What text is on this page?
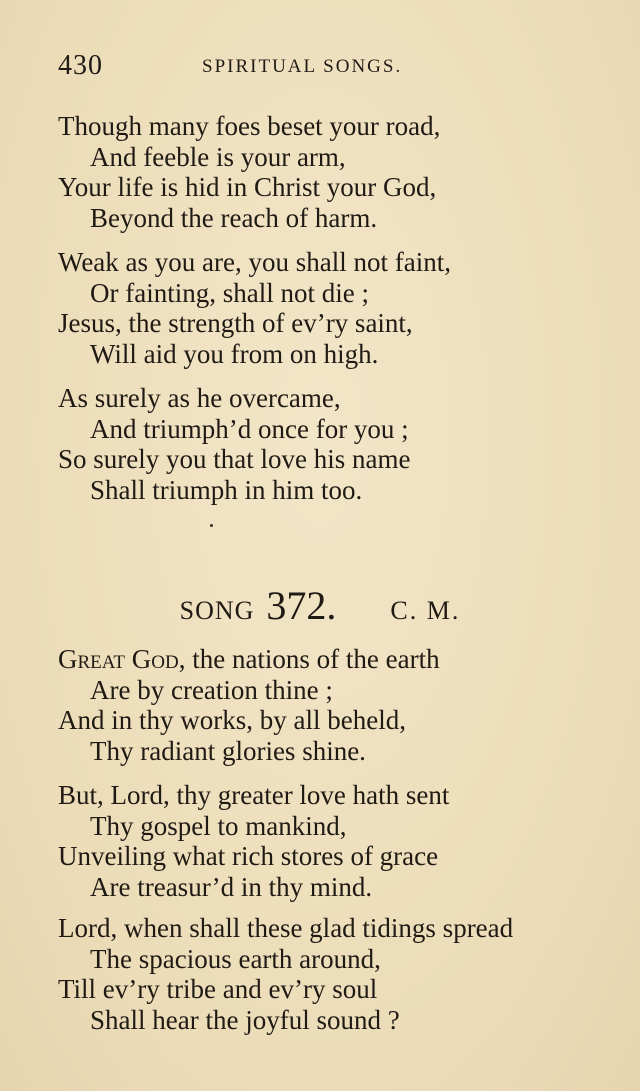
430	SPIRITUAL SONGS.
Though many foes beset your road,
And feeble is your arm,
Your life is hid in Christ your God,
Beyond the reach of harm.
Weak as you are, you shall not faint,
Or fainting, shall not die ;
Jesus, the strength of ev’ry saint,
Will aid you from on high.
As surely as he overcame,
And triumph’d once for you ;
So surely you that love his name
Shall triumph in him too.
SONG 372. C. M.
Great God, the nations of the earth
Are by creation thine ;
And in thy works, by all beheld,
Thy radiant glories shine.
But, Lord, thy greater love hath sent
Thy gospel to mankind,
Unveiling what rich stores of grace
Are treasur’d in thy mind.
Lord, when shall these glad tidings spread
The spacious earth around,
Till ev’ry tribe and ev’ry soul
Shall hear the joyful sound ?
